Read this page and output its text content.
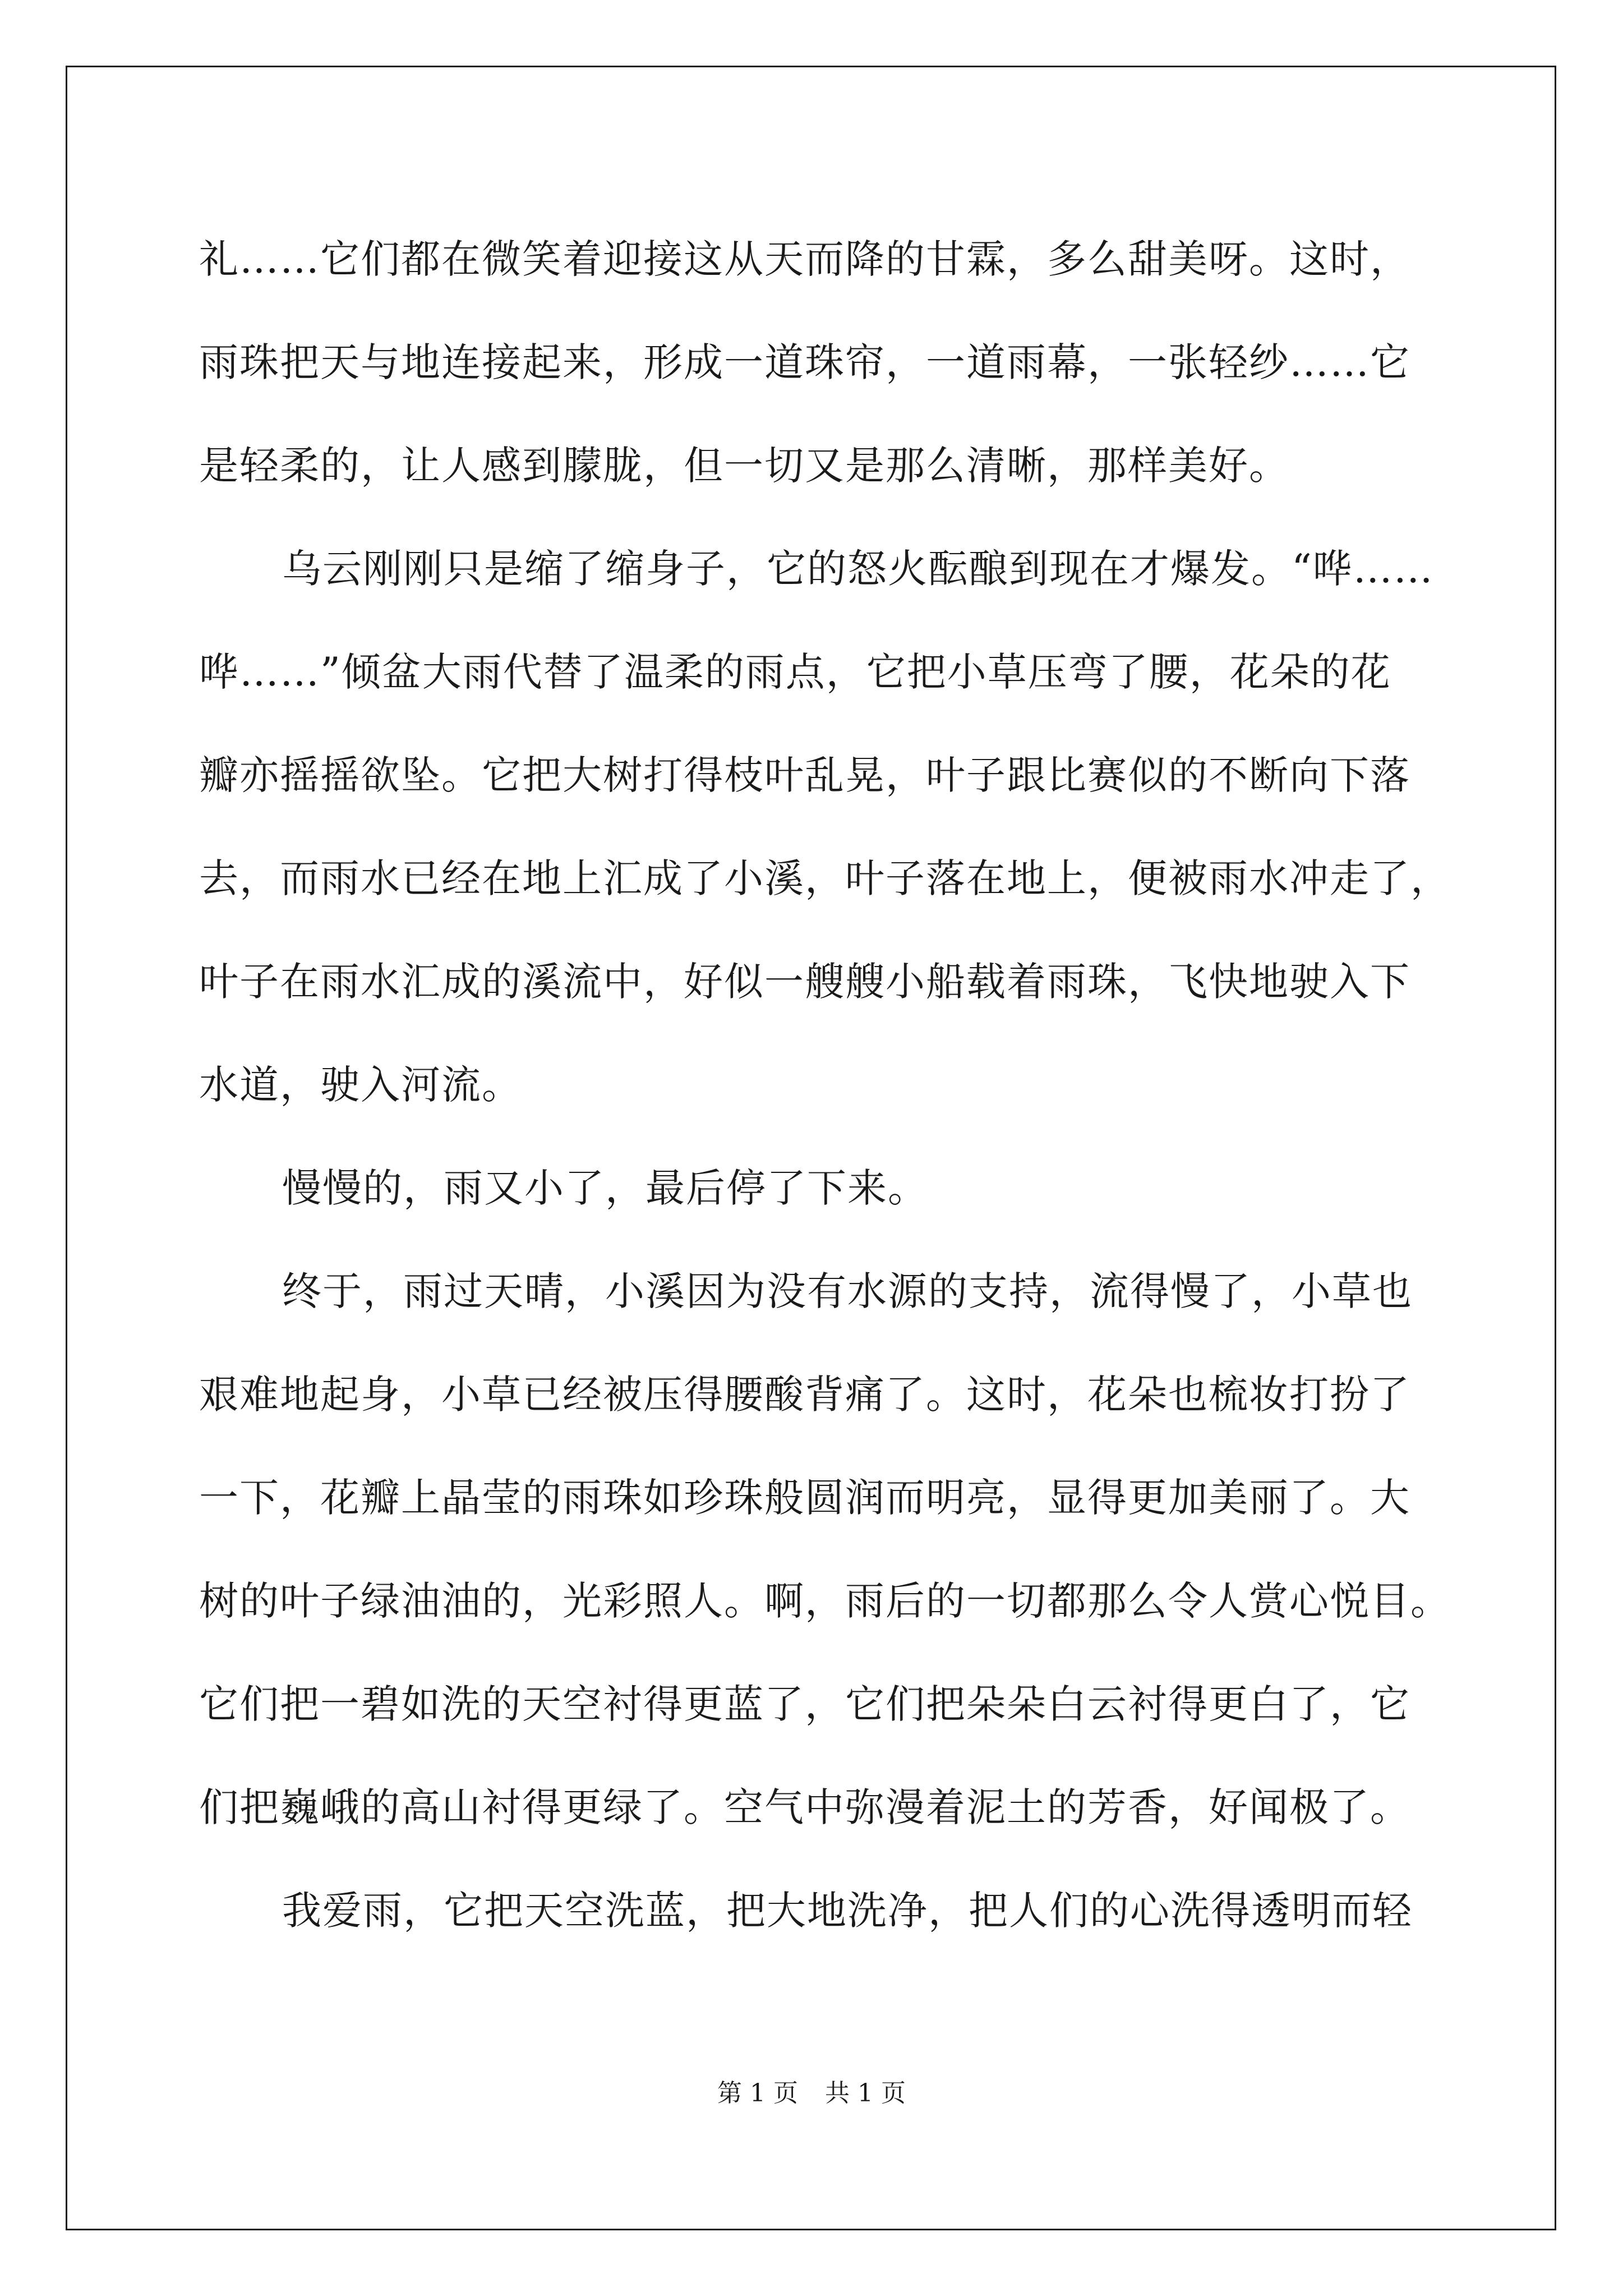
礼……它们都在微笑着迎接这从天而降的甘霖，多么甜美呀。这时，
雨珠把天与地连接起来，形成一道珠帘，一道雨幕，一张轻纱……它
是轻柔的，让人感到朦胧，但一切又是那么清晰，那样美好。
乌云刚刚只是缩了缩身子，它的怒火酝酿到现在才爆发。“哗……
哗……”倾盆大雨代替了温柔的雨点，它把小草压弯了腰，花朵的花
瓣亦摇摇欲坠。它把大树打得枝叶乱晃，叶子跟比赛似的不断向下落
去，而雨水已经在地上汇成了小溪，叶子落在地上，便被雨水冲走了，
叶子在雨水汇成的溪流中，好似一艘艘小船载着雨珠，飞快地驶入下
水道，驶入河流。
慢慢的，雨又小了，最后停了下来。
终于，雨过天晴，小溪因为没有水源的支持，流得慢了，小草也
艰难地起身，小草已经被压得腰酸背痛了。这时，花朵也梳妆打扮了
一下，花瓣上晶莹的雨珠如珍珠般圆润而明亮，显得更加美丽了。大
树的叶子绿油油的，光彩照人。啊，雨后的一切都那么令人赏心悦目。
它们把一碧如洗的天空衬得更蓝了，它们把朵朵白云衬得更白了，它
们把巍峨的高山衬得更绿了。空气中弥漫着泥土的芳香，好闻极了。
我爱雨，它把天空洗蓝，把大地洗净，把人们的心洗得透明而轻
第 1 页 共 1 页
